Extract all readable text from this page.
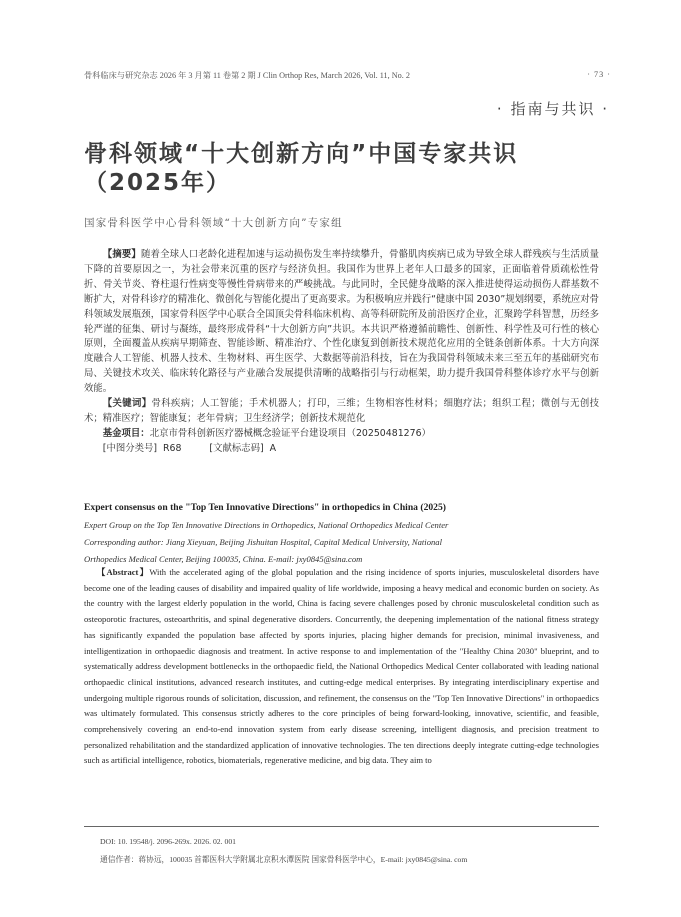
骨科临床与研究杂志 2026 年 3 月第 11 卷第 2 期 J Clin Orthop Res, March 2026, Vol. 11, No. 2	· 73 ·
· 指南与共识 ·
骨科领域“十大创新方向”中国专家共识（2025年）
国家骨科医学中心骨科领域“十大创新方向”专家组

【摘要】随着全球人口老龄化进程加速与运动损伤发生率持续攀升，骨骼肌肉疾病已成为导致全球人群残疾与生活质量下降的首要原因之一，为社会带来沉重的医疗与经济负担。我国作为世界上老年人口最多的国家，正面临着骨质疏松性骨折、骨关节炎、脊柱退行性病变等慢性骨病带来的严峻挑战。与此同时，全民健身战略的深入推进使得运动损伤人群基数不断扩大，对骨科诊疗的精准化、微创化与智能化提出了更高要求。为积极响应并践行“健康中国 2030”规划纲要，系统应对骨科领域发展瓶颈，国家骨科医学中心联合全国顶尖骨科临床机构、高等科研院所及前沿医疗企业，汇聚跨学科智慧，历经多轮严谨的征集、研讨与凝练，最终形成骨科“十大创新方向”共识。本共识严格遵循前瞻性、创新性、科学性及可行性的核心原则，全面覆盖从疾病早期筛查、智能诊断、精准治疗、个性化康复到创新技术规范化应用的全链条创新体系。十大方向深度融合人工智能、机器人技术、生物材料、再生医学、大数据等前沿科技，旨在为我国骨科领域未来三至五年的基础研究布局、关键技术攻关、临床转化路径与产业融合发展提供清晰的战略指引与行动框架，助力提升我国骨科整体诊疗水平与创新效能。

【关键词】骨科疾病；人工智能；手术机器人；打印，三维；生物相容性材料；细胞疗法；组织工程；微创与无创技术；精准医疗；智能康复；老年骨病；卫生经济学；创新技术规范化

基金项目：北京市骨科创新医疗器械概念验证平台建设项目（20250481276）

[中图分类号] R68	[文献标志码] A

Expert consensus on the "Top Ten Innovative Directions" in orthopedics in China (2025)

Expert Group on the Top Ten Innovative Directions in Orthopedics, National Orthopedics Medical Center

Corresponding author: Jiang Xieyuan, Beijing Jishuitan Hospital, Capital Medical University, National

Orthopedics Medical Center, Beijing 100035, China. E-mail: jxy0845@sina.com

【Abstract】With the accelerated aging of the global population and the rising incidence of sports injuries, musculoskeletal disorders have become one of the leading causes of disability and impaired quality of life worldwide, imposing a heavy medical and economic burden on society. As the country with the largest elderly population in the world, China is facing severe challenges posed by chronic musculoskeletal condition such as osteoporotic fractures, osteoarthritis, and spinal degenerative disorders. Concurrently, the deepening implementation of the national fitness strategy has significantly expanded the population base affected by sports injuries, placing higher demands for precision, minimal invasiveness, and intelligentization in orthopaedic diagnosis and treatment. In active response to and implementation of the "Healthy China 2030" blueprint, and to systematically address development bottlenecks in the orthopaedic field, the National Orthopedics Medical Center collaborated with leading national orthopaedic clinical institutions, advanced research institutes, and cutting-edge medical enterprises. By integrating interdisciplinary expertise and undergoing multiple rigorous rounds of solicitation, discussion, and refinement, the consensus on the "Top Ten Innovative Directions" in orthopaedics was ultimately formulated. This consensus strictly adheres to the core principles of being forward-looking, innovative, scientific, and feasible, comprehensively covering an end-to-end innovation system from early disease screening, intelligent diagnosis, and precision treatment to personalized rehabilitation and the standardized application of innovative technologies. The ten directions deeply integrate cutting-edge technologies such as artificial intelligence, robotics, biomaterials, regenerative medicine, and big data. They aim to

DOI: 10. 19548/j. 2096-269x. 2026. 02. 001

通信作者：蒋协远，100035 首都医科大学附属北京积水潭医院 国家骨科医学中心，E-mail: jxy0845@sina. com
